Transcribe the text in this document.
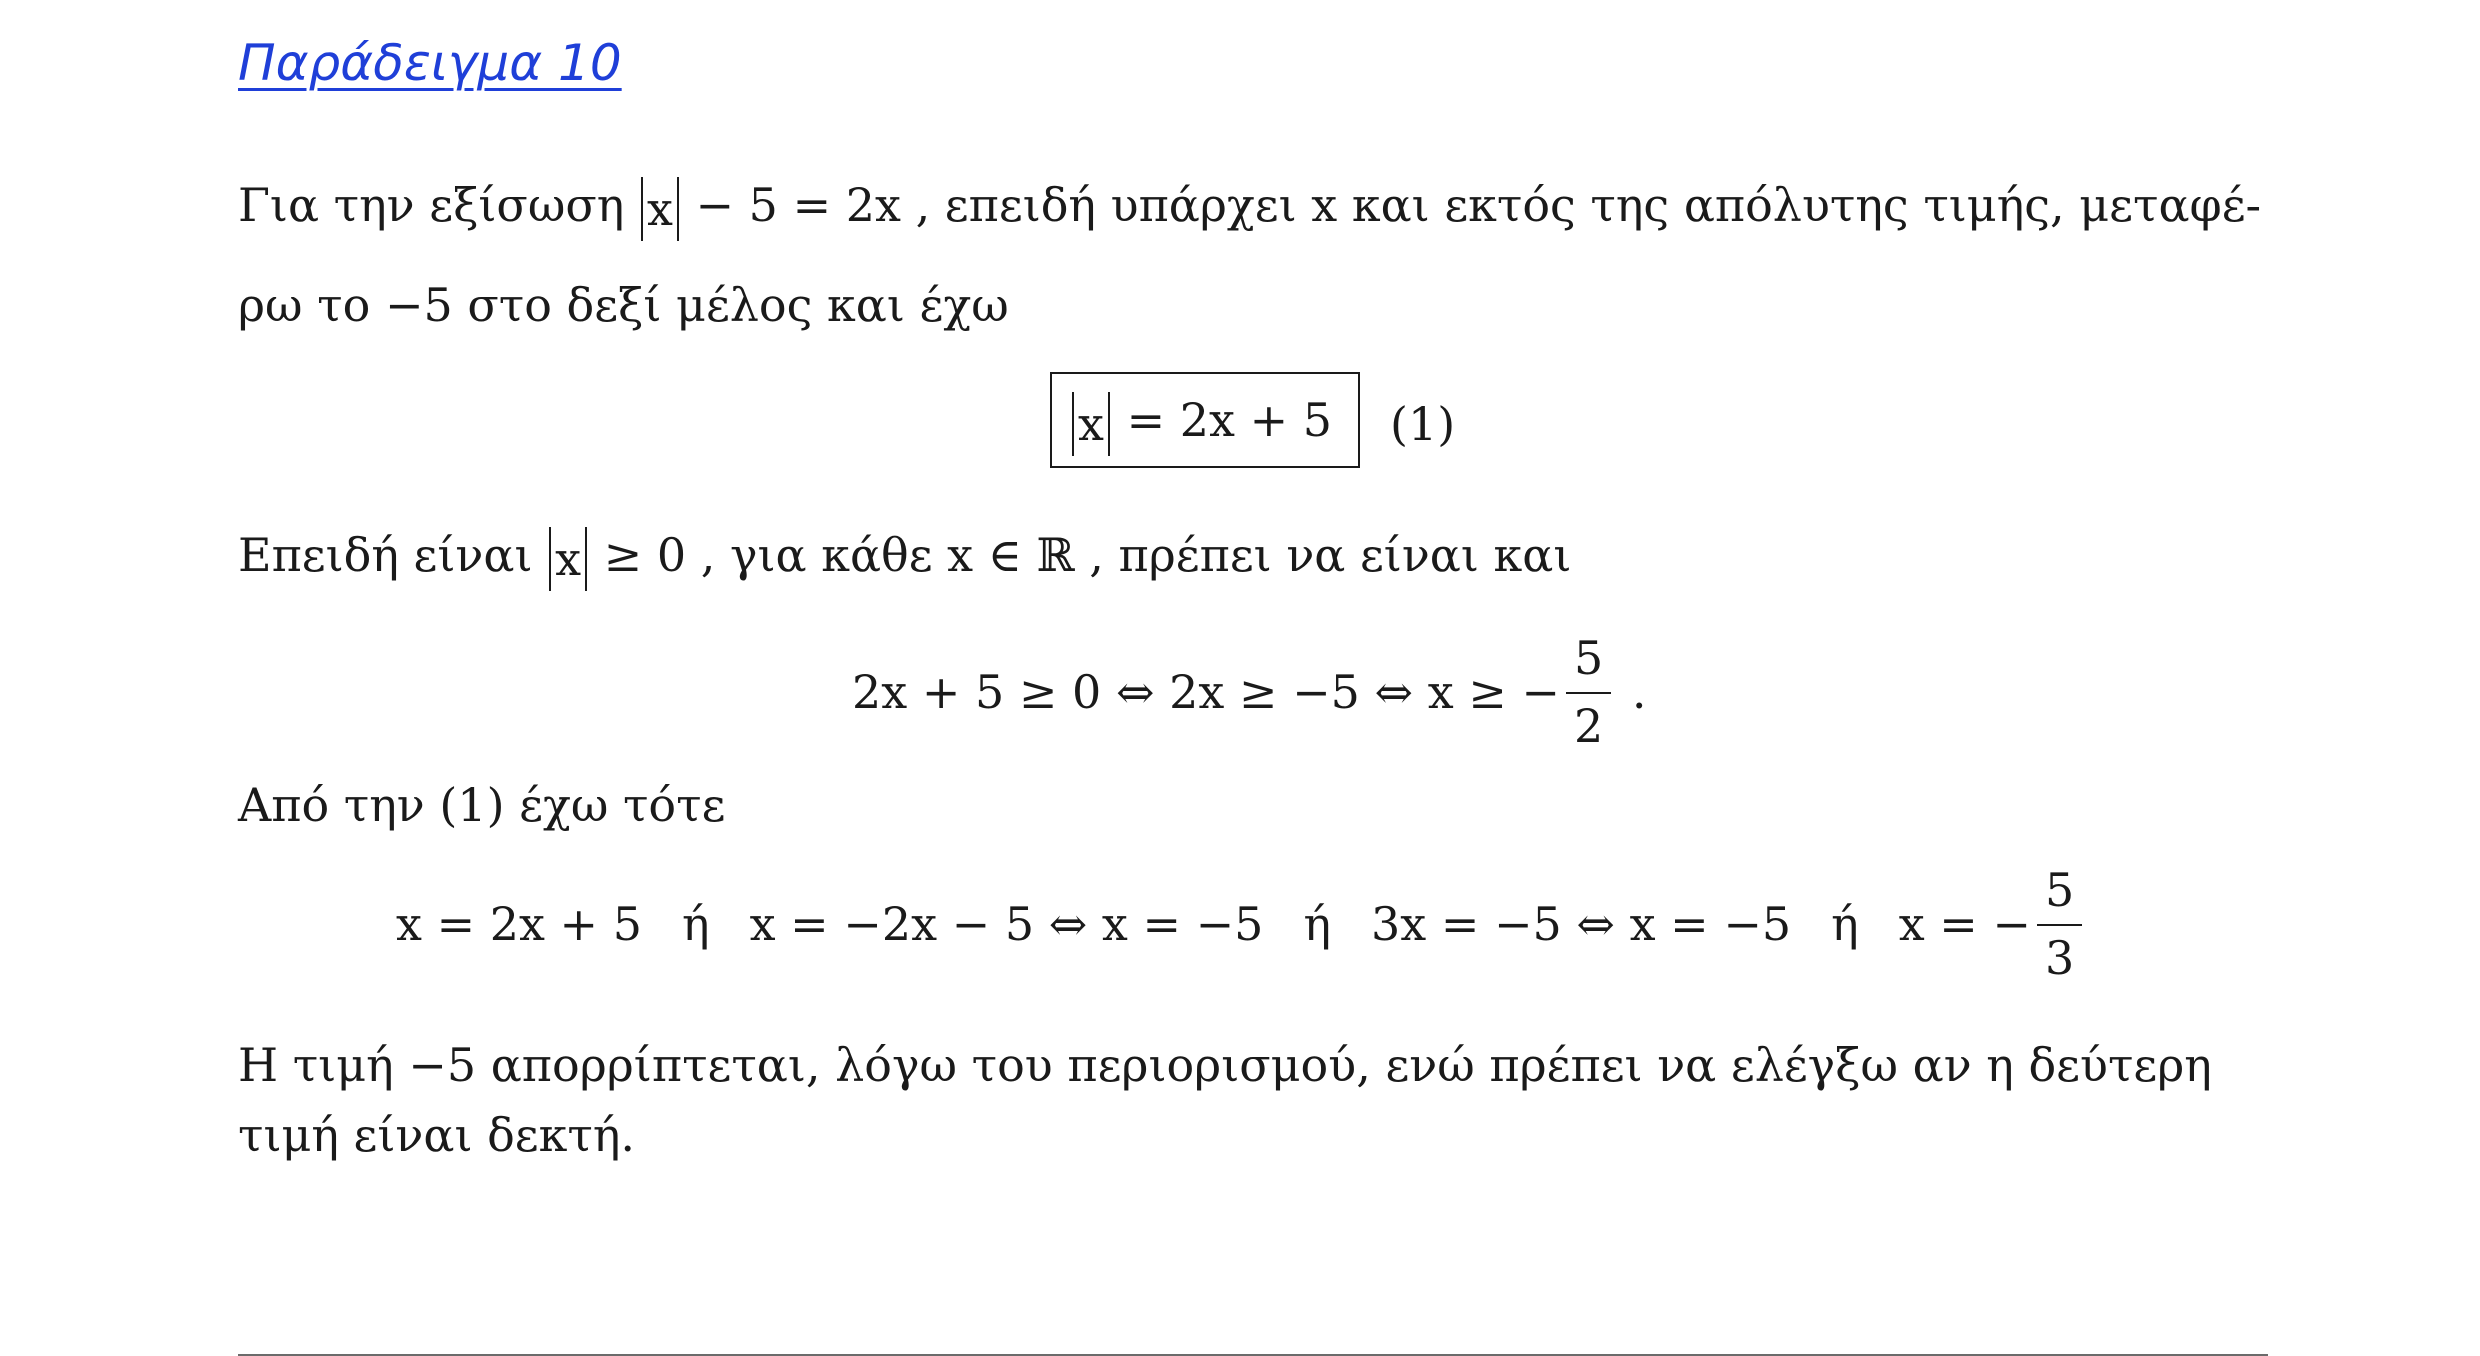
Παράδειγμα 10
Για την εξίσωση x − 5 = 2x , επειδή υπάρχει x και εκτός της απόλυτης τιμής, μεταφέ-
ρω το −5 στο δεξί μέλος και έχω
x = 2x + 5 (1)
Επειδή είναι x ≥ 0 , για κάθε x ∈ ℝ , πρέπει να είναι και
2x + 5 ≥ 0 ⇔ 2x ≥ −5 ⇔ x ≥ − $\frac{5}{2}$ .
Από την (1) έχω τότε
x = 2x + 5 ή x = −2x − 5 ⇔ x = −5 ή 3x = −5 ⇔ x = −5 ή x = − $\frac{5}{3}$
Η τιμή −5 απορρίπτεται, λόγω του περιορισμού, ενώ πρέπει να ελέγξω αν η δεύτερη
τιμή είναι δεκτή.
